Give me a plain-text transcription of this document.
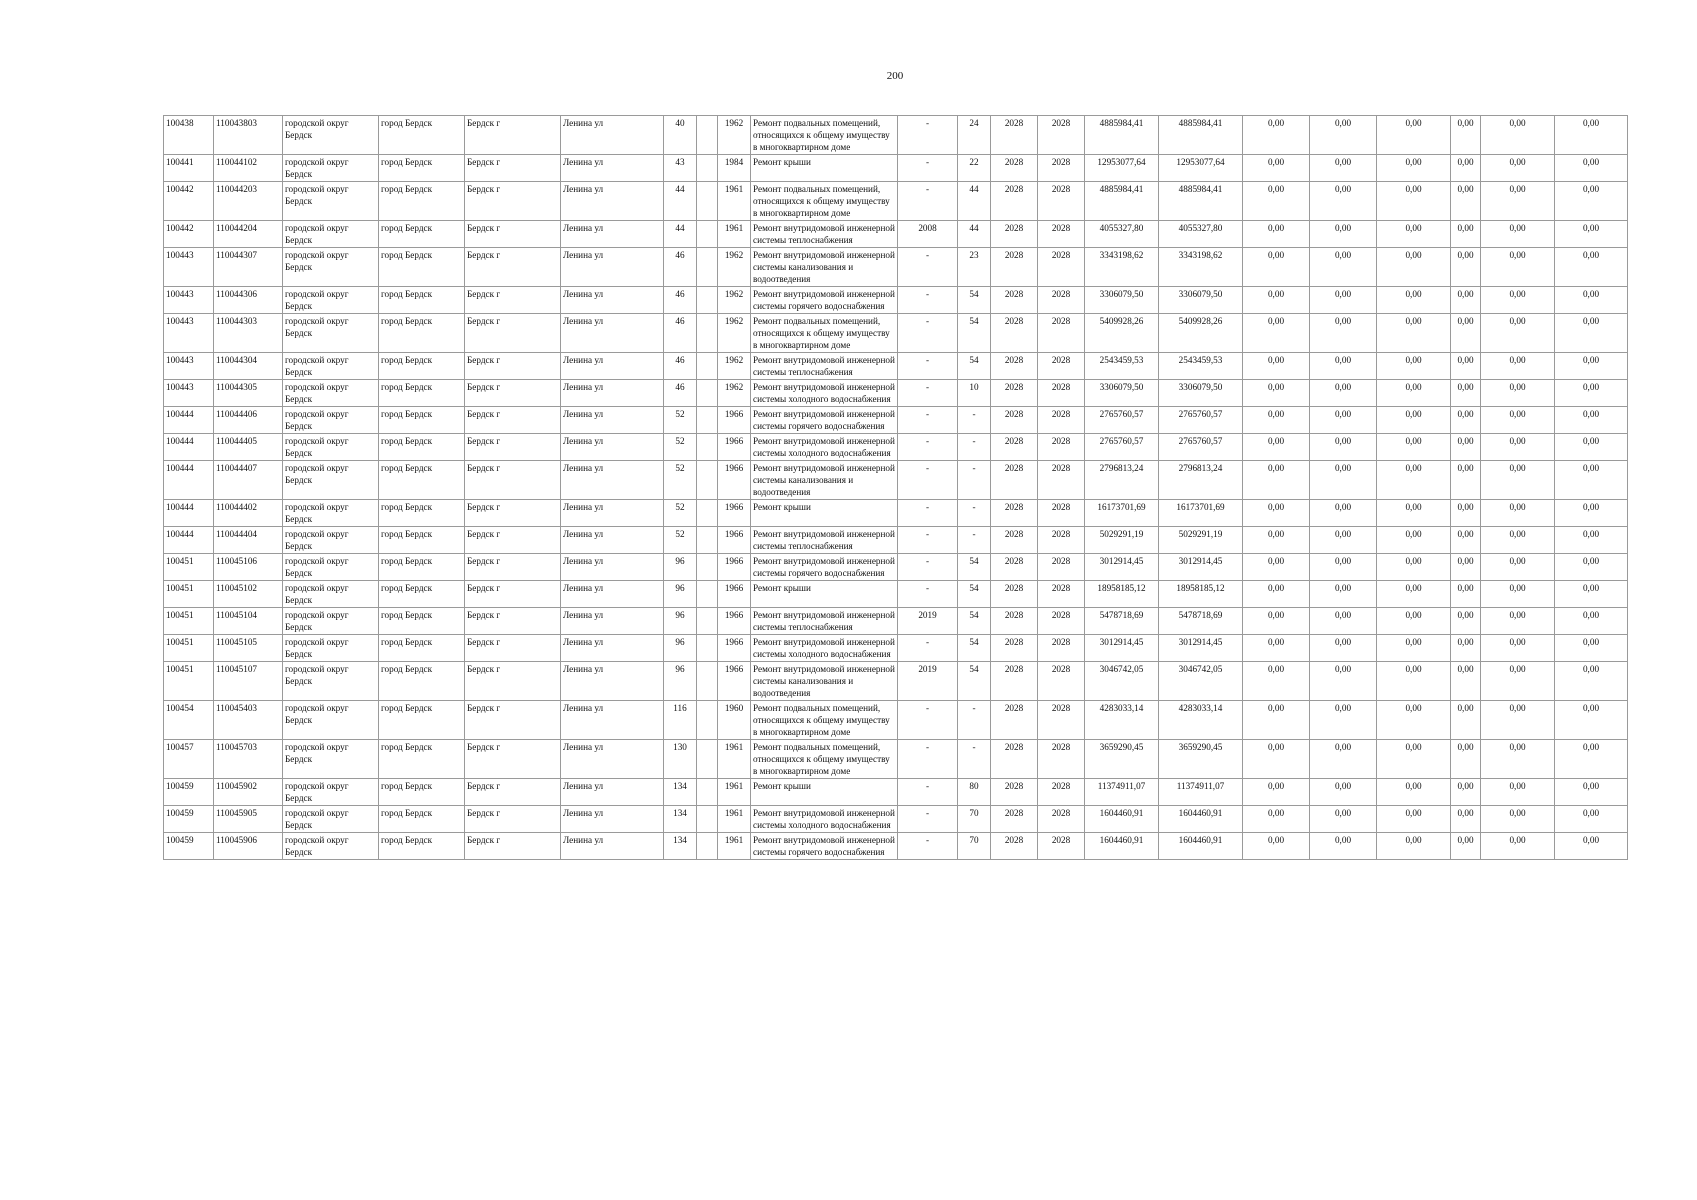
200
100438	110043803	городской округ Бердск	город Бердск	Бердск г	Ленина ул	40		1962	Ремонт подвальных помещений, относящихся к общему имуществу в многоквартирном доме	-	24	2028	2028	4885984,41	4885984,41	0,00	0,00	0,00	0,00	0,00	0,00
100441	110044102	городской округ Бердск	город Бердск	Бердск г	Ленина ул	43		1984	Ремонт крыши	-	22	2028	2028	12953077,64	12953077,64	0,00	0,00	0,00	0,00	0,00	0,00
100442	110044203	городской округ Бердск	город Бердск	Бердск г	Ленина ул	44		1961	Ремонт подвальных помещений, относящихся к общему имуществу в многоквартирном доме	-	44	2028	2028	4885984,41	4885984,41	0,00	0,00	0,00	0,00	0,00	0,00
100442	110044204	городской округ Бердск	город Бердск	Бердск г	Ленина ул	44		1961	Ремонт внутридомовой инженерной системы теплоснабжения	2008	44	2028	2028	4055327,80	4055327,80	0,00	0,00	0,00	0,00	0,00	0,00
100443	110044307	городской округ Бердск	город Бердск	Бердск г	Ленина ул	46		1962	Ремонт внутридомовой инженерной системы канализования и водоотведения	-	23	2028	2028	3343198,62	3343198,62	0,00	0,00	0,00	0,00	0,00	0,00
100443	110044306	городской округ Бердск	город Бердск	Бердск г	Ленина ул	46		1962	Ремонт внутридомовой инженерной системы горячего водоснабжения	-	54	2028	2028	3306079,50	3306079,50	0,00	0,00	0,00	0,00	0,00	0,00
100443	110044303	городской округ Бердск	город Бердск	Бердск г	Ленина ул	46		1962	Ремонт подвальных помещений, относящихся к общему имуществу в многоквартирном доме	-	54	2028	2028	5409928,26	5409928,26	0,00	0,00	0,00	0,00	0,00	0,00
100443	110044304	городской округ Бердск	город Бердск	Бердск г	Ленина ул	46		1962	Ремонт внутридомовой инженерной системы теплоснабжения	-	54	2028	2028	2543459,53	2543459,53	0,00	0,00	0,00	0,00	0,00	0,00
100443	110044305	городской округ Бердск	город Бердск	Бердск г	Ленина ул	46		1962	Ремонт внутридомовой инженерной системы холодного водоснабжения	-	10	2028	2028	3306079,50	3306079,50	0,00	0,00	0,00	0,00	0,00	0,00
100444	110044406	городской округ Бердск	город Бердск	Бердск г	Ленина ул	52		1966	Ремонт внутридомовой инженерной системы горячего водоснабжения	-	-	2028	2028	2765760,57	2765760,57	0,00	0,00	0,00	0,00	0,00	0,00
100444	110044405	городской округ Бердск	город Бердск	Бердск г	Ленина ул	52		1966	Ремонт внутридомовой инженерной системы холодного водоснабжения	-	-	2028	2028	2765760,57	2765760,57	0,00	0,00	0,00	0,00	0,00	0,00
100444	110044407	городской округ Бердск	город Бердск	Бердск г	Ленина ул	52		1966	Ремонт внутридомовой инженерной системы канализования и водоотведения	-	-	2028	2028	2796813,24	2796813,24	0,00	0,00	0,00	0,00	0,00	0,00
100444	110044402	городской округ Бердск	город Бердск	Бердск г	Ленина ул	52		1966	Ремонт крыши	-	-	2028	2028	16173701,69	16173701,69	0,00	0,00	0,00	0,00	0,00	0,00
100444	110044404	городской округ Бердск	город Бердск	Бердск г	Ленина ул	52		1966	Ремонт внутридомовой инженерной системы теплоснабжения	-	-	2028	2028	5029291,19	5029291,19	0,00	0,00	0,00	0,00	0,00	0,00
100451	110045106	городской округ Бердск	город Бердск	Бердск г	Ленина ул	96		1966	Ремонт внутридомовой инженерной системы горячего водоснабжения	-	54	2028	2028	3012914,45	3012914,45	0,00	0,00	0,00	0,00	0,00	0,00
100451	110045102	городской округ Бердск	город Бердск	Бердск г	Ленина ул	96		1966	Ремонт крыши	-	54	2028	2028	18958185,12	18958185,12	0,00	0,00	0,00	0,00	0,00	0,00
100451	110045104	городской округ Бердск	город Бердск	Бердск г	Ленина ул	96		1966	Ремонт внутридомовой инженерной системы теплоснабжения	2019	54	2028	2028	5478718,69	5478718,69	0,00	0,00	0,00	0,00	0,00	0,00
100451	110045105	городской округ Бердск	город Бердск	Бердск г	Ленина ул	96		1966	Ремонт внутридомовой инженерной системы холодного водоснабжения	-	54	2028	2028	3012914,45	3012914,45	0,00	0,00	0,00	0,00	0,00	0,00
100451	110045107	городской округ Бердск	город Бердск	Бердск г	Ленина ул	96		1966	Ремонт внутридомовой инженерной системы канализования и водоотведения	2019	54	2028	2028	3046742,05	3046742,05	0,00	0,00	0,00	0,00	0,00	0,00
100454	110045403	городской округ Бердск	город Бердск	Бердск г	Ленина ул	116		1960	Ремонт подвальных помещений, относящихся к общему имуществу в многоквартирном доме	-	-	2028	2028	4283033,14	4283033,14	0,00	0,00	0,00	0,00	0,00	0,00
100457	110045703	городской округ Бердск	город Бердск	Бердск г	Ленина ул	130		1961	Ремонт подвальных помещений, относящихся к общему имуществу в многоквартирном доме	-	-	2028	2028	3659290,45	3659290,45	0,00	0,00	0,00	0,00	0,00	0,00
100459	110045902	городской округ Бердск	город Бердск	Бердск г	Ленина ул	134		1961	Ремонт крыши	-	80	2028	2028	11374911,07	11374911,07	0,00	0,00	0,00	0,00	0,00	0,00
100459	110045905	городской округ Бердск	город Бердск	Бердск г	Ленина ул	134		1961	Ремонт внутридомовой инженерной системы холодного водоснабжения	-	70	2028	2028	1604460,91	1604460,91	0,00	0,00	0,00	0,00	0,00	0,00
100459	110045906	городской округ Бердск	город Бердск	Бердск г	Ленина ул	134		1961	Ремонт внутридомовой инженерной системы горячего водоснабжения	-	70	2028	2028	1604460,91	1604460,91	0,00	0,00	0,00	0,00	0,00	0,00
